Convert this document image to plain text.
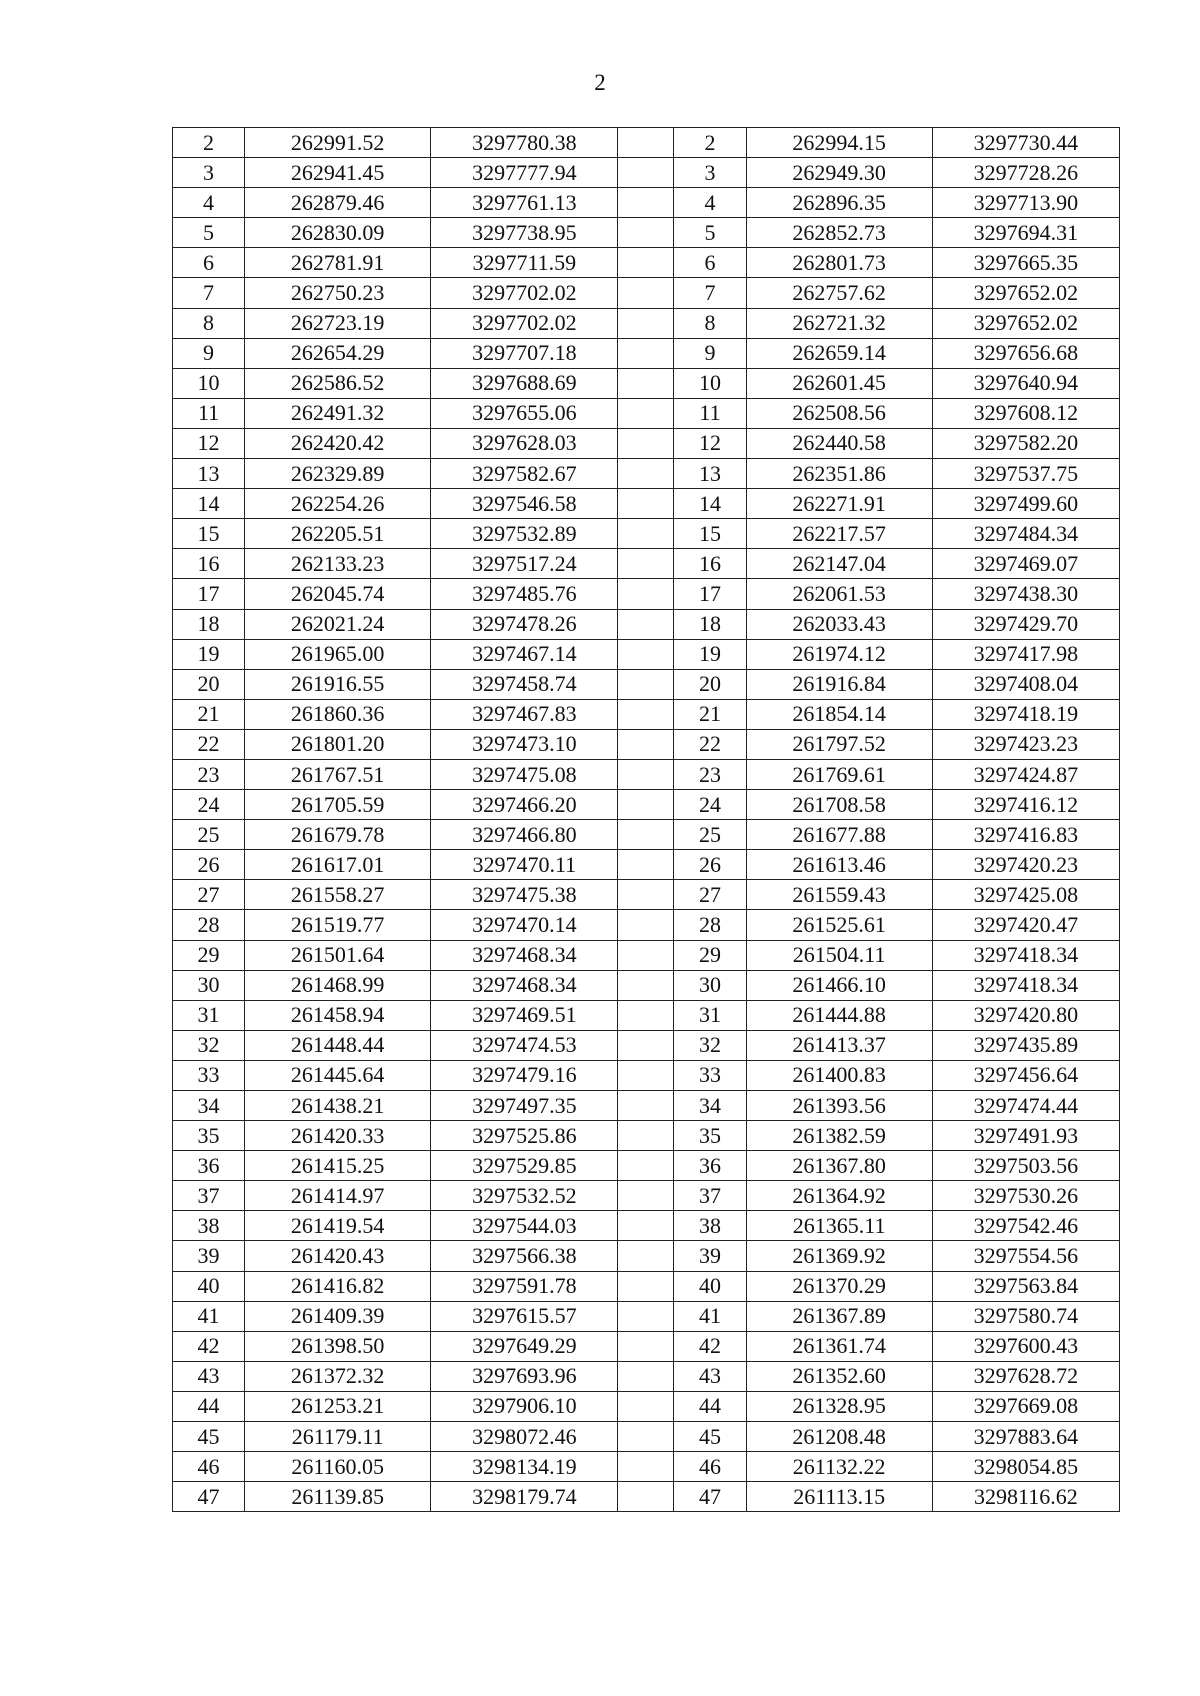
2
2	262991.52	3297780.38		2	262994.15	3297730.44
3	262941.45	3297777.94		3	262949.30	3297728.26
4	262879.46	3297761.13		4	262896.35	3297713.90
5	262830.09	3297738.95		5	262852.73	3297694.31
6	262781.91	3297711.59		6	262801.73	3297665.35
7	262750.23	3297702.02		7	262757.62	3297652.02
8	262723.19	3297702.02		8	262721.32	3297652.02
9	262654.29	3297707.18		9	262659.14	3297656.68
10	262586.52	3297688.69		10	262601.45	3297640.94
11	262491.32	3297655.06		11	262508.56	3297608.12
12	262420.42	3297628.03		12	262440.58	3297582.20
13	262329.89	3297582.67		13	262351.86	3297537.75
14	262254.26	3297546.58		14	262271.91	3297499.60
15	262205.51	3297532.89		15	262217.57	3297484.34
16	262133.23	3297517.24		16	262147.04	3297469.07
17	262045.74	3297485.76		17	262061.53	3297438.30
18	262021.24	3297478.26		18	262033.43	3297429.70
19	261965.00	3297467.14		19	261974.12	3297417.98
20	261916.55	3297458.74		20	261916.84	3297408.04
21	261860.36	3297467.83		21	261854.14	3297418.19
22	261801.20	3297473.10		22	261797.52	3297423.23
23	261767.51	3297475.08		23	261769.61	3297424.87
24	261705.59	3297466.20		24	261708.58	3297416.12
25	261679.78	3297466.80		25	261677.88	3297416.83
26	261617.01	3297470.11		26	261613.46	3297420.23
27	261558.27	3297475.38		27	261559.43	3297425.08
28	261519.77	3297470.14		28	261525.61	3297420.47
29	261501.64	3297468.34		29	261504.11	3297418.34
30	261468.99	3297468.34		30	261466.10	3297418.34
31	261458.94	3297469.51		31	261444.88	3297420.80
32	261448.44	3297474.53		32	261413.37	3297435.89
33	261445.64	3297479.16		33	261400.83	3297456.64
34	261438.21	3297497.35		34	261393.56	3297474.44
35	261420.33	3297525.86		35	261382.59	3297491.93
36	261415.25	3297529.85		36	261367.80	3297503.56
37	261414.97	3297532.52		37	261364.92	3297530.26
38	261419.54	3297544.03		38	261365.11	3297542.46
39	261420.43	3297566.38		39	261369.92	3297554.56
40	261416.82	3297591.78		40	261370.29	3297563.84
41	261409.39	3297615.57		41	261367.89	3297580.74
42	261398.50	3297649.29		42	261361.74	3297600.43
43	261372.32	3297693.96		43	261352.60	3297628.72
44	261253.21	3297906.10		44	261328.95	3297669.08
45	261179.11	3298072.46		45	261208.48	3297883.64
46	261160.05	3298134.19		46	261132.22	3298054.85
47	261139.85	3298179.74		47	261113.15	3298116.62
